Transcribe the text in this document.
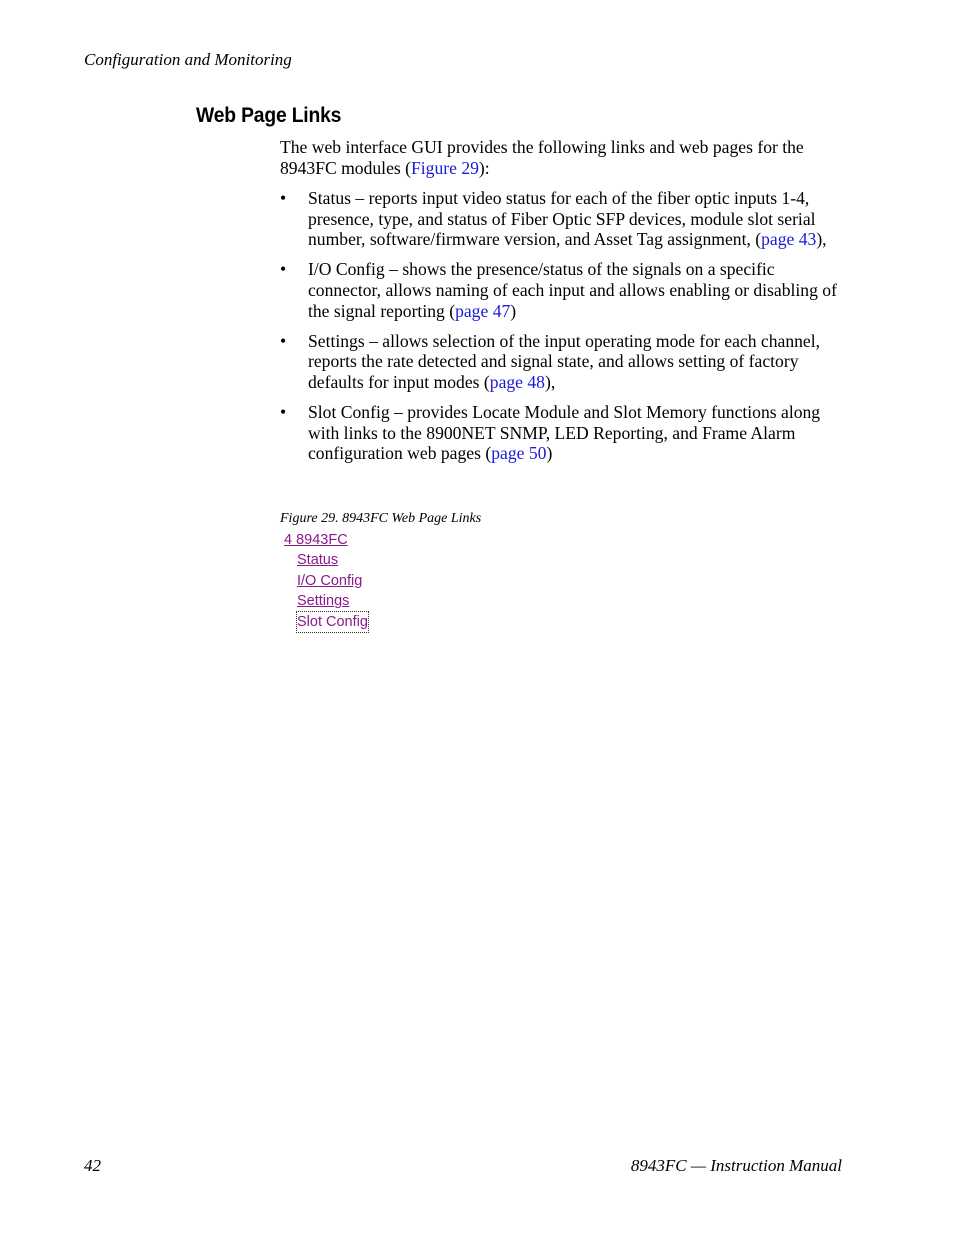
Configuration and Monitoring
Web Page Links

The web interface GUI provides the following links and web pages for the 8943FC modules (Figure 29):

• Status – reports input video status for each of the fiber optic inputs 1-4, presence, type, and status of Fiber Optic SFP devices, module slot serial number, software/firmware version, and Asset Tag assignment, (page 43),
• I/O Config – shows the presence/status of the signals on a specific connector, allows naming of each input and allows enabling or disabling of the signal reporting (page 47)
• Settings – allows selection of the input operating mode for each channel, reports the rate detected and signal state, and allows setting of factory defaults for input modes (page 48),
• Slot Config – provides Locate Module and Slot Memory functions along with links to the 8900NET SNMP, LED Reporting, and Frame Alarm configuration web pages (page 50)
Figure 29. 8943FC Web Page Links
4 8943FC
Status
I/O Config
Settings
Slot Config
42	8943FC — Instruction Manual
